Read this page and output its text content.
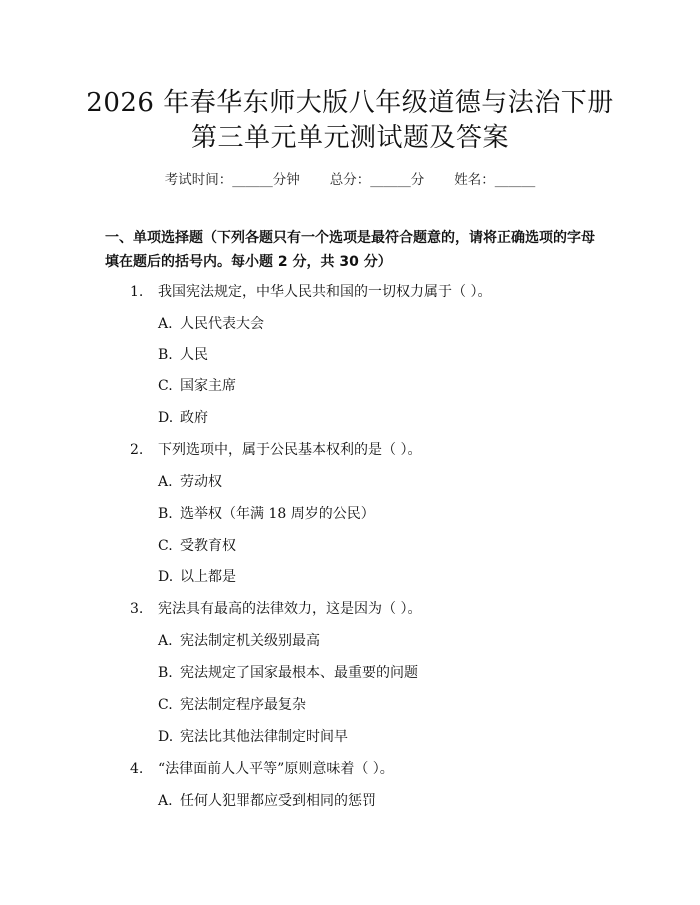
2026 年春华东师大版八年级道德与法治下册
第三单元单元测试题及答案
考试时间：______分钟 总分：______分 姓名：______
一、单项选择题（下列各题只有一个选项是最符合题意的，请将正确选项的字母填在题后的括号内。每小题 2 分，共 30 分）
1. 我国宪法规定，中华人民共和国的一切权力属于（ ）。
A. 人民代表大会
B. 人民
C. 国家主席
D. 政府
2. 下列选项中，属于公民基本权利的是（ ）。
A. 劳动权
B. 选举权（年满 18 周岁的公民）
C. 受教育权
D. 以上都是
3. 宪法具有最高的法律效力，这是因为（ ）。
A. 宪法制定机关级别最高
B. 宪法规定了国家最根本、最重要的问题
C. 宪法制定程序最复杂
D. 宪法比其他法律制定时间早
4. “法律面前人人平等”原则意味着（ ）。
A. 任何人犯罪都应受到相同的惩罚
